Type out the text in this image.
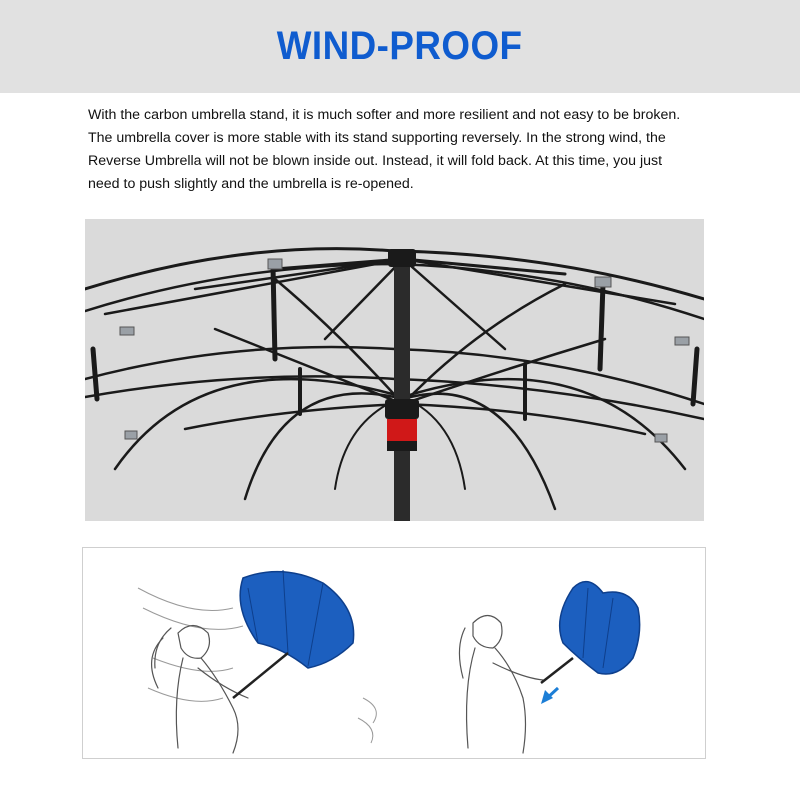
WIND-PROOF
With the carbon umbrella stand, it is much softer and more resilient and not easy to be broken.
The umbrella cover is more stable with its stand supporting reversely. In the strong wind, the
Reverse Umbrella will not be blown inside out. Instead, it will fold back. At this time, you just
need to push slightly and the umbrella is re-opened.
